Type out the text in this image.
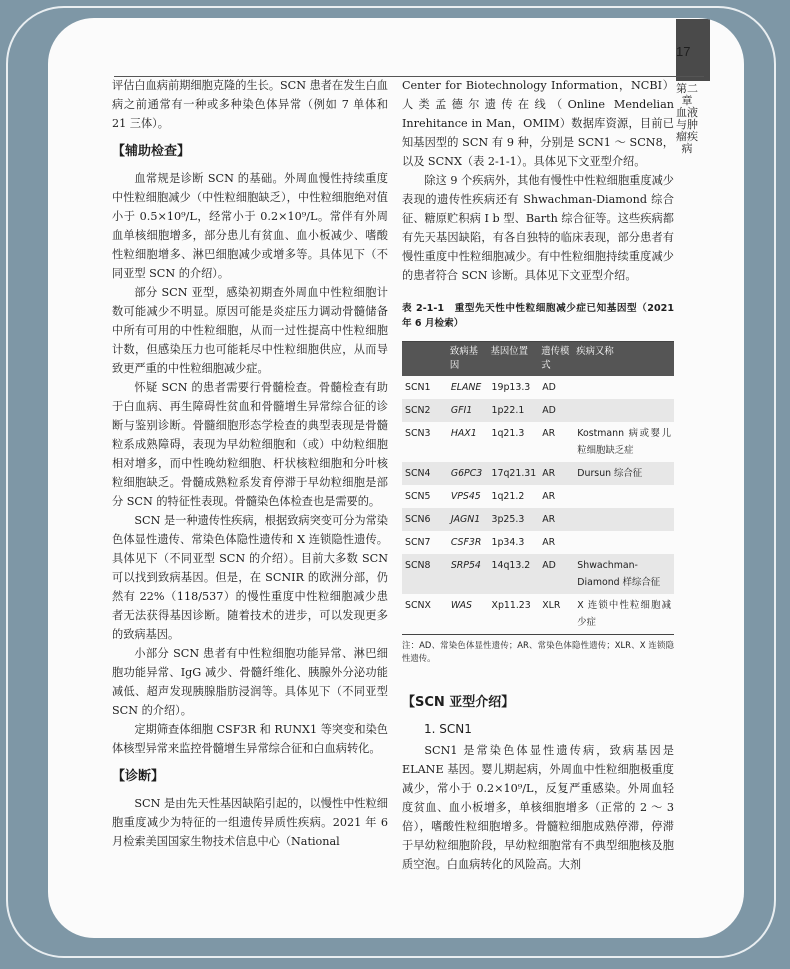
17
第二章 血液与肿瘤疾病

评估白血病前期细胞克隆的生长。SCN 患者在发生白血病之前通常有一种或多种染色体异常（例如 7 单体和 21 三体）。

【辅助检查】

血常规是诊断 SCN 的基础。外周血慢性持续重度中性粒细胞减少（中性粒细胞缺乏），中性粒细胞绝对值小于 0.5×10⁹/L，经常小于 0.2×10⁹/L。常伴有外周血单核细胞增多，部分患儿有贫血、血小板减少、嗜酸性粒细胞增多、淋巴细胞减少或增多等。具体见下（不同亚型 SCN 的介绍）。

部分 SCN 亚型，感染初期查外周血中性粒细胞计数可能减少不明显。原因可能是炎症压力调动骨髓储备中所有可用的中性粒细胞，从而一过性提高中性粒细胞计数，但感染压力也可能耗尽中性粒细胞供应，从而导致更严重的中性粒细胞减少症。

怀疑 SCN 的患者需要行骨髓检查。骨髓检查有助于白血病、再生障碍性贫血和骨髓增生异常综合征的诊断与鉴别诊断。骨髓细胞形态学检查的典型表现是骨髓粒系成熟障碍，表现为早幼粒细胞和（或）中幼粒细胞相对增多，而中性晚幼粒细胞、杆状核粒细胞和分叶核粒细胞缺乏。骨髓成熟粒系发育停滞于早幼粒细胞是部分 SCN 的特征性表现。骨髓染色体检查也是需要的。

SCN 是一种遗传性疾病，根据致病突变可分为常染色体显性遗传、常染色体隐性遗传和 X 连锁隐性遗传。具体见下（不同亚型 SCN 的介绍）。目前大多数 SCN 可以找到致病基因。但是，在 SCNIR 的欧洲分部，仍然有 22%（118/537）的慢性重度中性粒细胞减少患者无法获得基因诊断。随着技术的进步，可以发现更多的致病基因。

小部分 SCN 患者有中性粒细胞功能异常、淋巴细胞功能异常、IgG 减少、骨髓纤维化、胰腺外分泌功能减低、超声发现胰腺脂肪浸润等。具体见下（不同亚型 SCN 的介绍）。

定期筛查体细胞 CSF3R 和 RUNX1 等突变和染色体核型异常来监控骨髓增生异常综合征和白血病转化。

【诊断】

SCN 是由先天性基因缺陷引起的，以慢性中性粒细胞重度减少为特征的一组遗传异质性疾病。2021 年 6 月检索美国国家生物技术信息中心（National

Center for Biotechnology Information，NCBI）人类孟德尔遗传在线（Online Mendelian Inrehitance in Man，OMIM）数据库资源，目前已知基因型的 SCN 有 9 种，分别是 SCN1 ～ SCN8，以及 SCNX（表 2-1-1）。具体见下文亚型介绍。

除这 9 个疾病外，其他有慢性中性粒细胞重度减少表现的遗传性疾病还有 Shwachman-Diamond 综合征、糖原贮积病 I b 型、Barth 综合征等。这些疾病都有先天基因缺陷，有各自独特的临床表现，部分患者有慢性重度中性粒细胞减少。有中性粒细胞持续重度减少的患者符合 SCN 诊断。具体见下文亚型介绍。

表 2-1-1　重型先天性中性粒细胞减少症已知基因型（2021 年 6 月检索）
	致病基因	基因位置	遗传模式	疾病又称
SCN1	ELANE	19p13.3	AD	
SCN2	GFI1	1p22.1	AD	
SCN3	HAX1	1q21.3	AR	Kostmann 病或婴儿粒细胞缺乏症
SCN4	G6PC3	17q21.31	AR	Dursun 综合征
SCN5	VPS45	1q21.2	AR	
SCN6	JAGN1	3p25.3	AR	
SCN7	CSF3R	1p34.3	AR	
SCN8	SRP54	14q13.2	AD	Shwachman-Diamond 样综合征
SCNX	WAS	Xp11.23	XLR	X 连锁中性粒细胞减少症
注：AD、常染色体显性遗传；AR、常染色体隐性遗传；XLR、X 连锁隐性遗传。
【SCN 亚型介绍】
1. SCN1

SCN1 是常染色体显性遗传病，致病基因是 ELANE 基因。婴儿期起病，外周血中性粒细胞极重度减少，常小于 0.2×10⁹/L，反复严重感染。外周血轻度贫血、血小板增多，单核细胞增多（正常的 2 ～ 3 倍），嗜酸性粒细胞增多。骨髓粒细胞成熟停滞，停滞于早幼粒细胞阶段，早幼粒细胞常有不典型细胞核及胞质空泡。白血病转化的风险高。大剂
